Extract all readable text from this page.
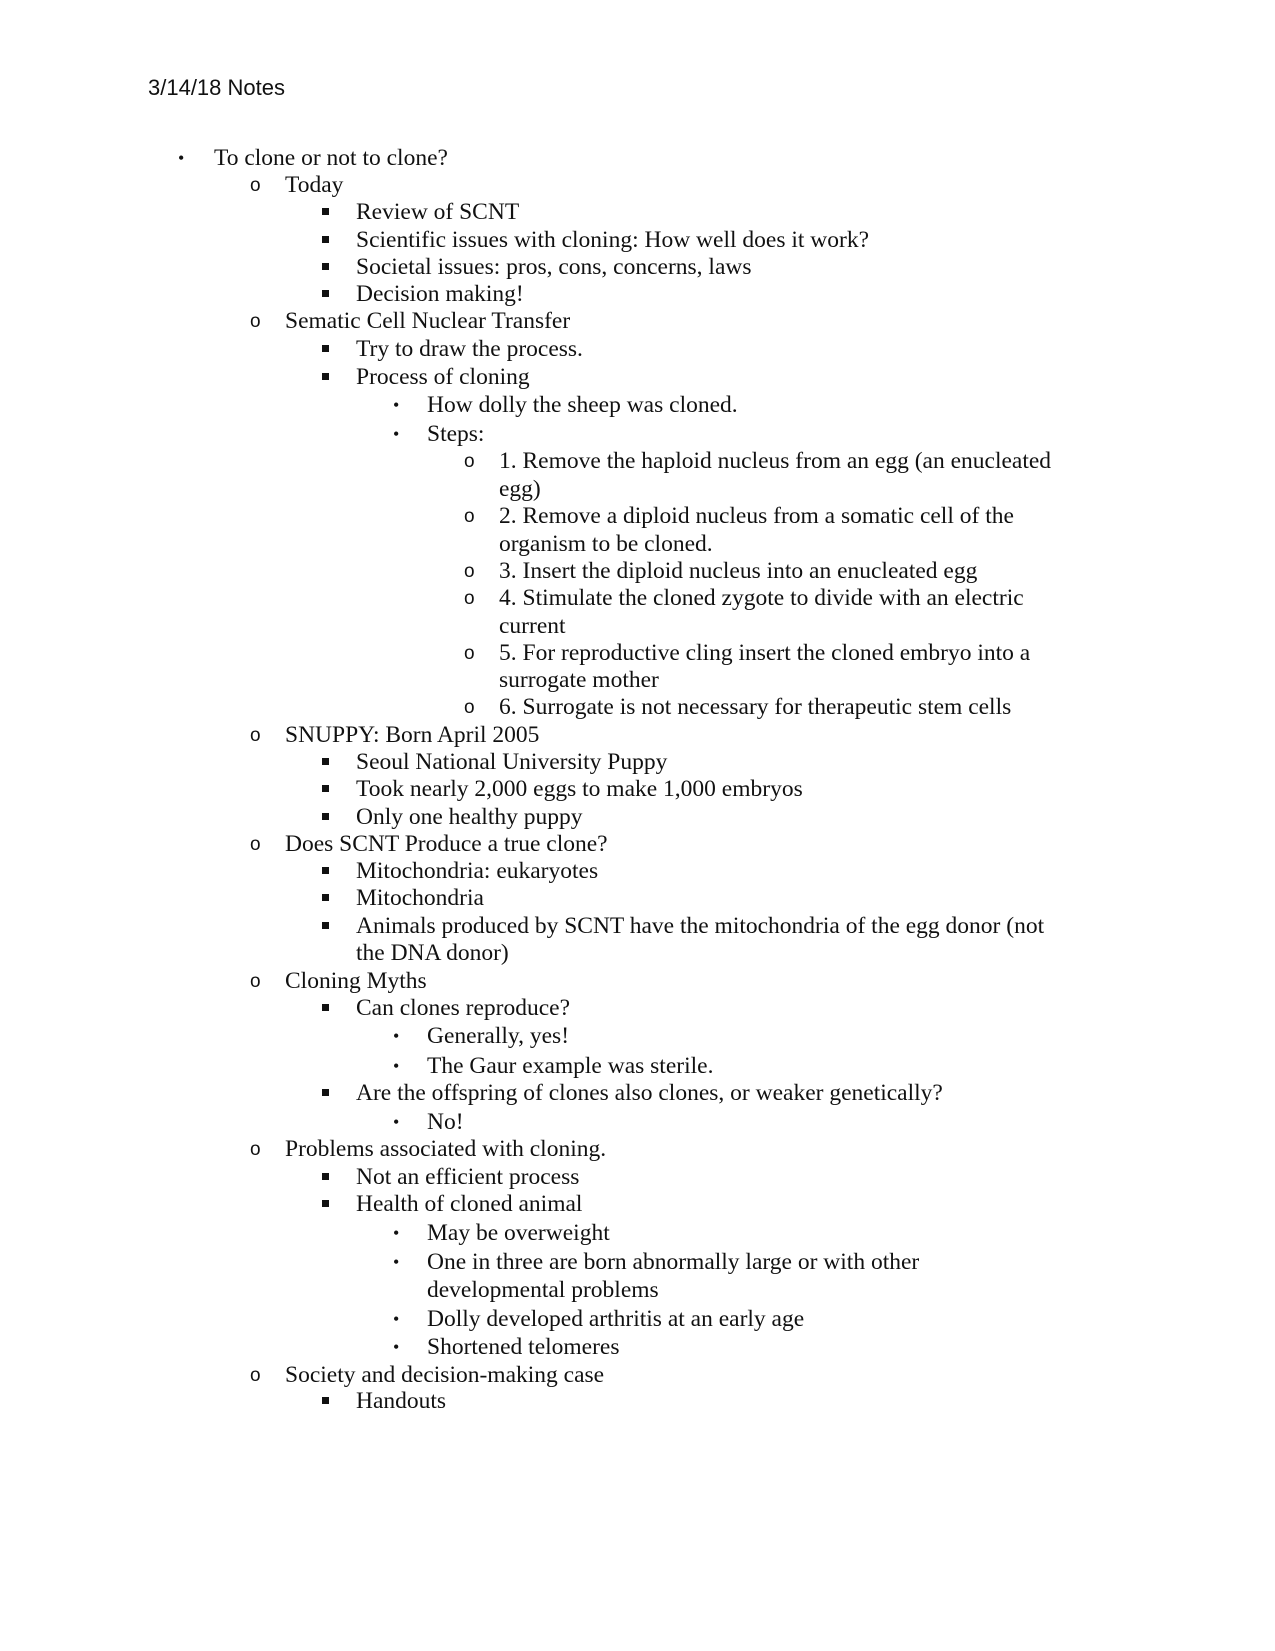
3/14/18 Notes
• To clone or not to clone?
o Today
Review of SCNT
Scientific issues with cloning: How well does it work?
Societal issues: pros, cons, concerns, laws
Decision making!
o Sematic Cell Nuclear Transfer
Try to draw the process.
Process of cloning
• How dolly the sheep was cloned.
• Steps:
o 1. Remove the haploid nucleus from an egg (an enucleated
egg)
o 2. Remove a diploid nucleus from a somatic cell of the
organism to be cloned.
o 3. Insert the diploid nucleus into an enucleated egg
o 4. Stimulate the cloned zygote to divide with an electric
current
o 5. For reproductive cling insert the cloned embryo into a
surrogate mother
o 6. Surrogate is not necessary for therapeutic stem cells
o SNUPPY: Born April 2005
Seoul National University Puppy
Took nearly 2,000 eggs to make 1,000 embryos
Only one healthy puppy
o Does SCNT Produce a true clone?
Mitochondria: eukaryotes
Mitochondria
Animals produced by SCNT have the mitochondria of the egg donor (not
the DNA donor)
o Cloning Myths
Can clones reproduce?
• Generally, yes!
• The Gaur example was sterile.
Are the offspring of clones also clones, or weaker genetically?
• No!
o Problems associated with cloning.
Not an efficient process
Health of cloned animal
• May be overweight
• One in three are born abnormally large or with other
developmental problems
• Dolly developed arthritis at an early age
• Shortened telomeres
o Society and decision-making case
Handouts
